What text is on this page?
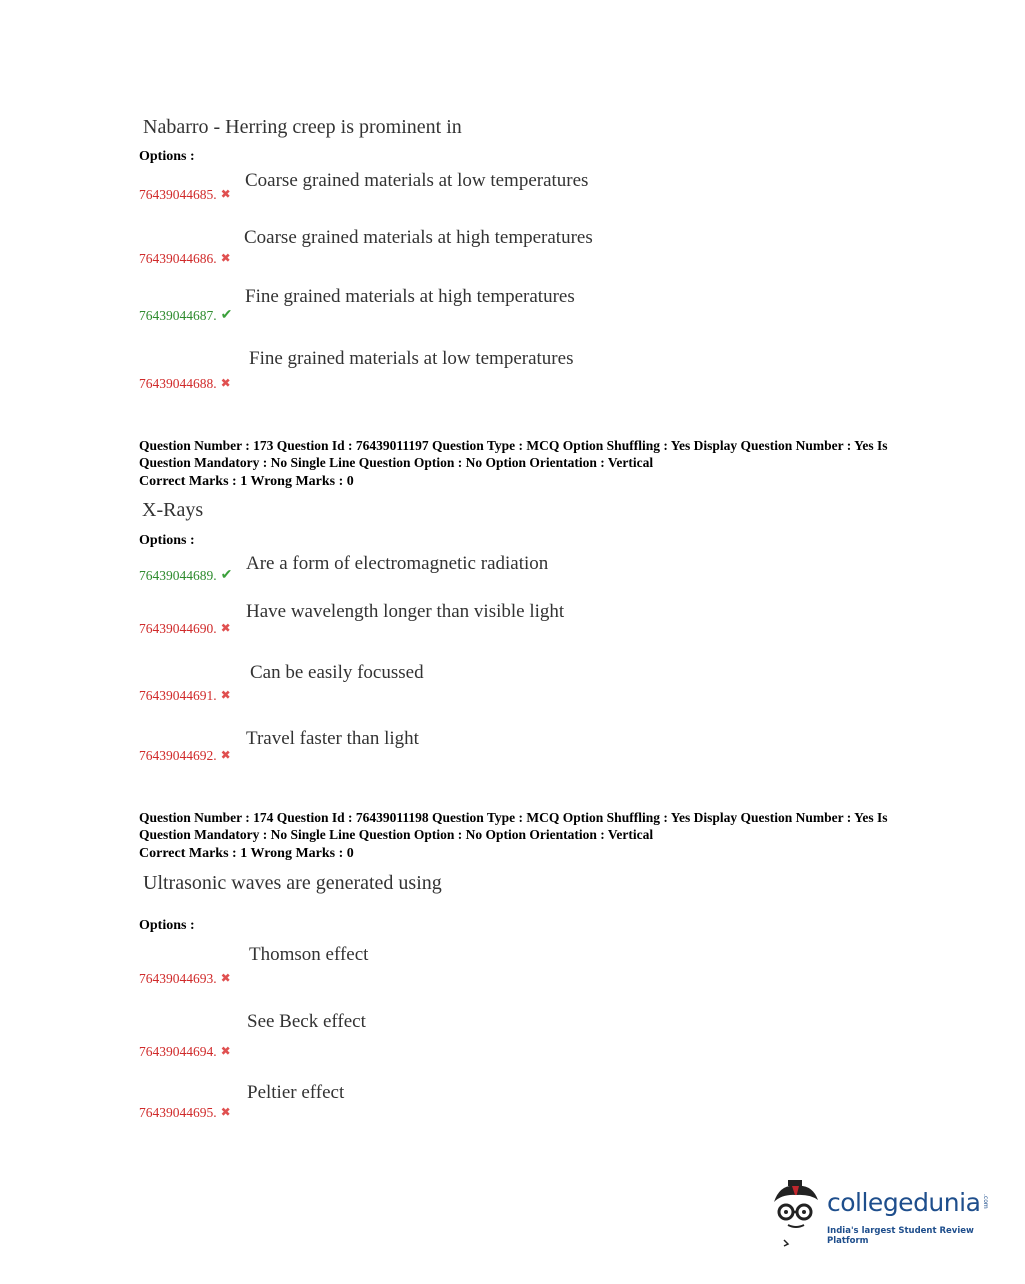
Nabarro - Herring creep is prominent in
Options :
Coarse grained materials at low temperatures
76439044685. ✖
Coarse grained materials at high temperatures
76439044686. ✖
Fine grained materials at high temperatures
76439044687. ✔
Fine grained materials at low temperatures
76439044688. ✖
Question Number : 173 Question Id : 76439011197 Question Type : MCQ Option Shuffling : Yes Display Question Number : Yes Is Question Mandatory : No Single Line Question Option : No Option Orientation : Vertical
Correct Marks : 1 Wrong Marks : 0
X-Rays
Options :
Are a form of electromagnetic radiation
76439044689. ✔
Have wavelength longer than visible light
76439044690. ✖
Can be easily focussed
76439044691. ✖
Travel faster than light
76439044692. ✖
Question Number : 174 Question Id : 76439011198 Question Type : MCQ Option Shuffling : Yes Display Question Number : Yes Is Question Mandatory : No Single Line Question Option : No Option Orientation : Vertical
Correct Marks : 1 Wrong Marks : 0
Ultrasonic waves are generated using
Options :
Thomson effect
76439044693. ✖
See Beck effect
76439044694. ✖
Peltier effect
76439044695. ✖
collegedunia .com
India's largest Student Review Platform
